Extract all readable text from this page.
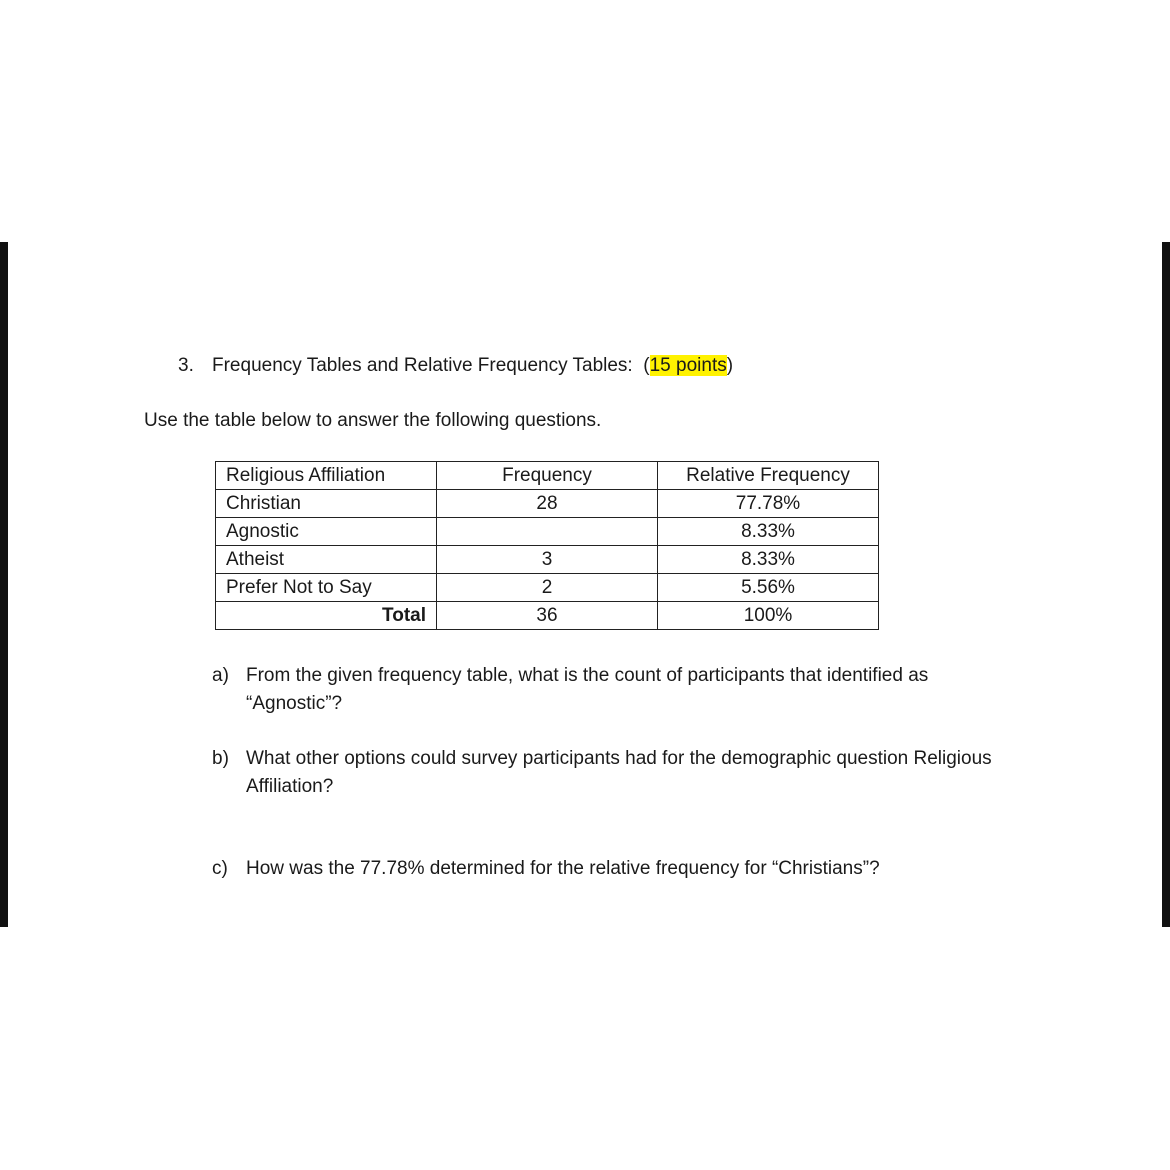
3. Frequency Tables and Relative Frequency Tables: (15 points)
Use the table below to answer the following questions.
Religious Affiliation	Frequency	Relative Frequency
Christian	28	77.78%
Agnostic		8.33%
Atheist	3	8.33%
Prefer Not to Say	2	5.56%
Total	36	100%
a) From the given frequency table, what is the count of participants that identified as “Agnostic”?
b) What other options could survey participants had for the demographic question Religious Affiliation?
c) How was the 77.78% determined for the relative frequency for “Christians”?
